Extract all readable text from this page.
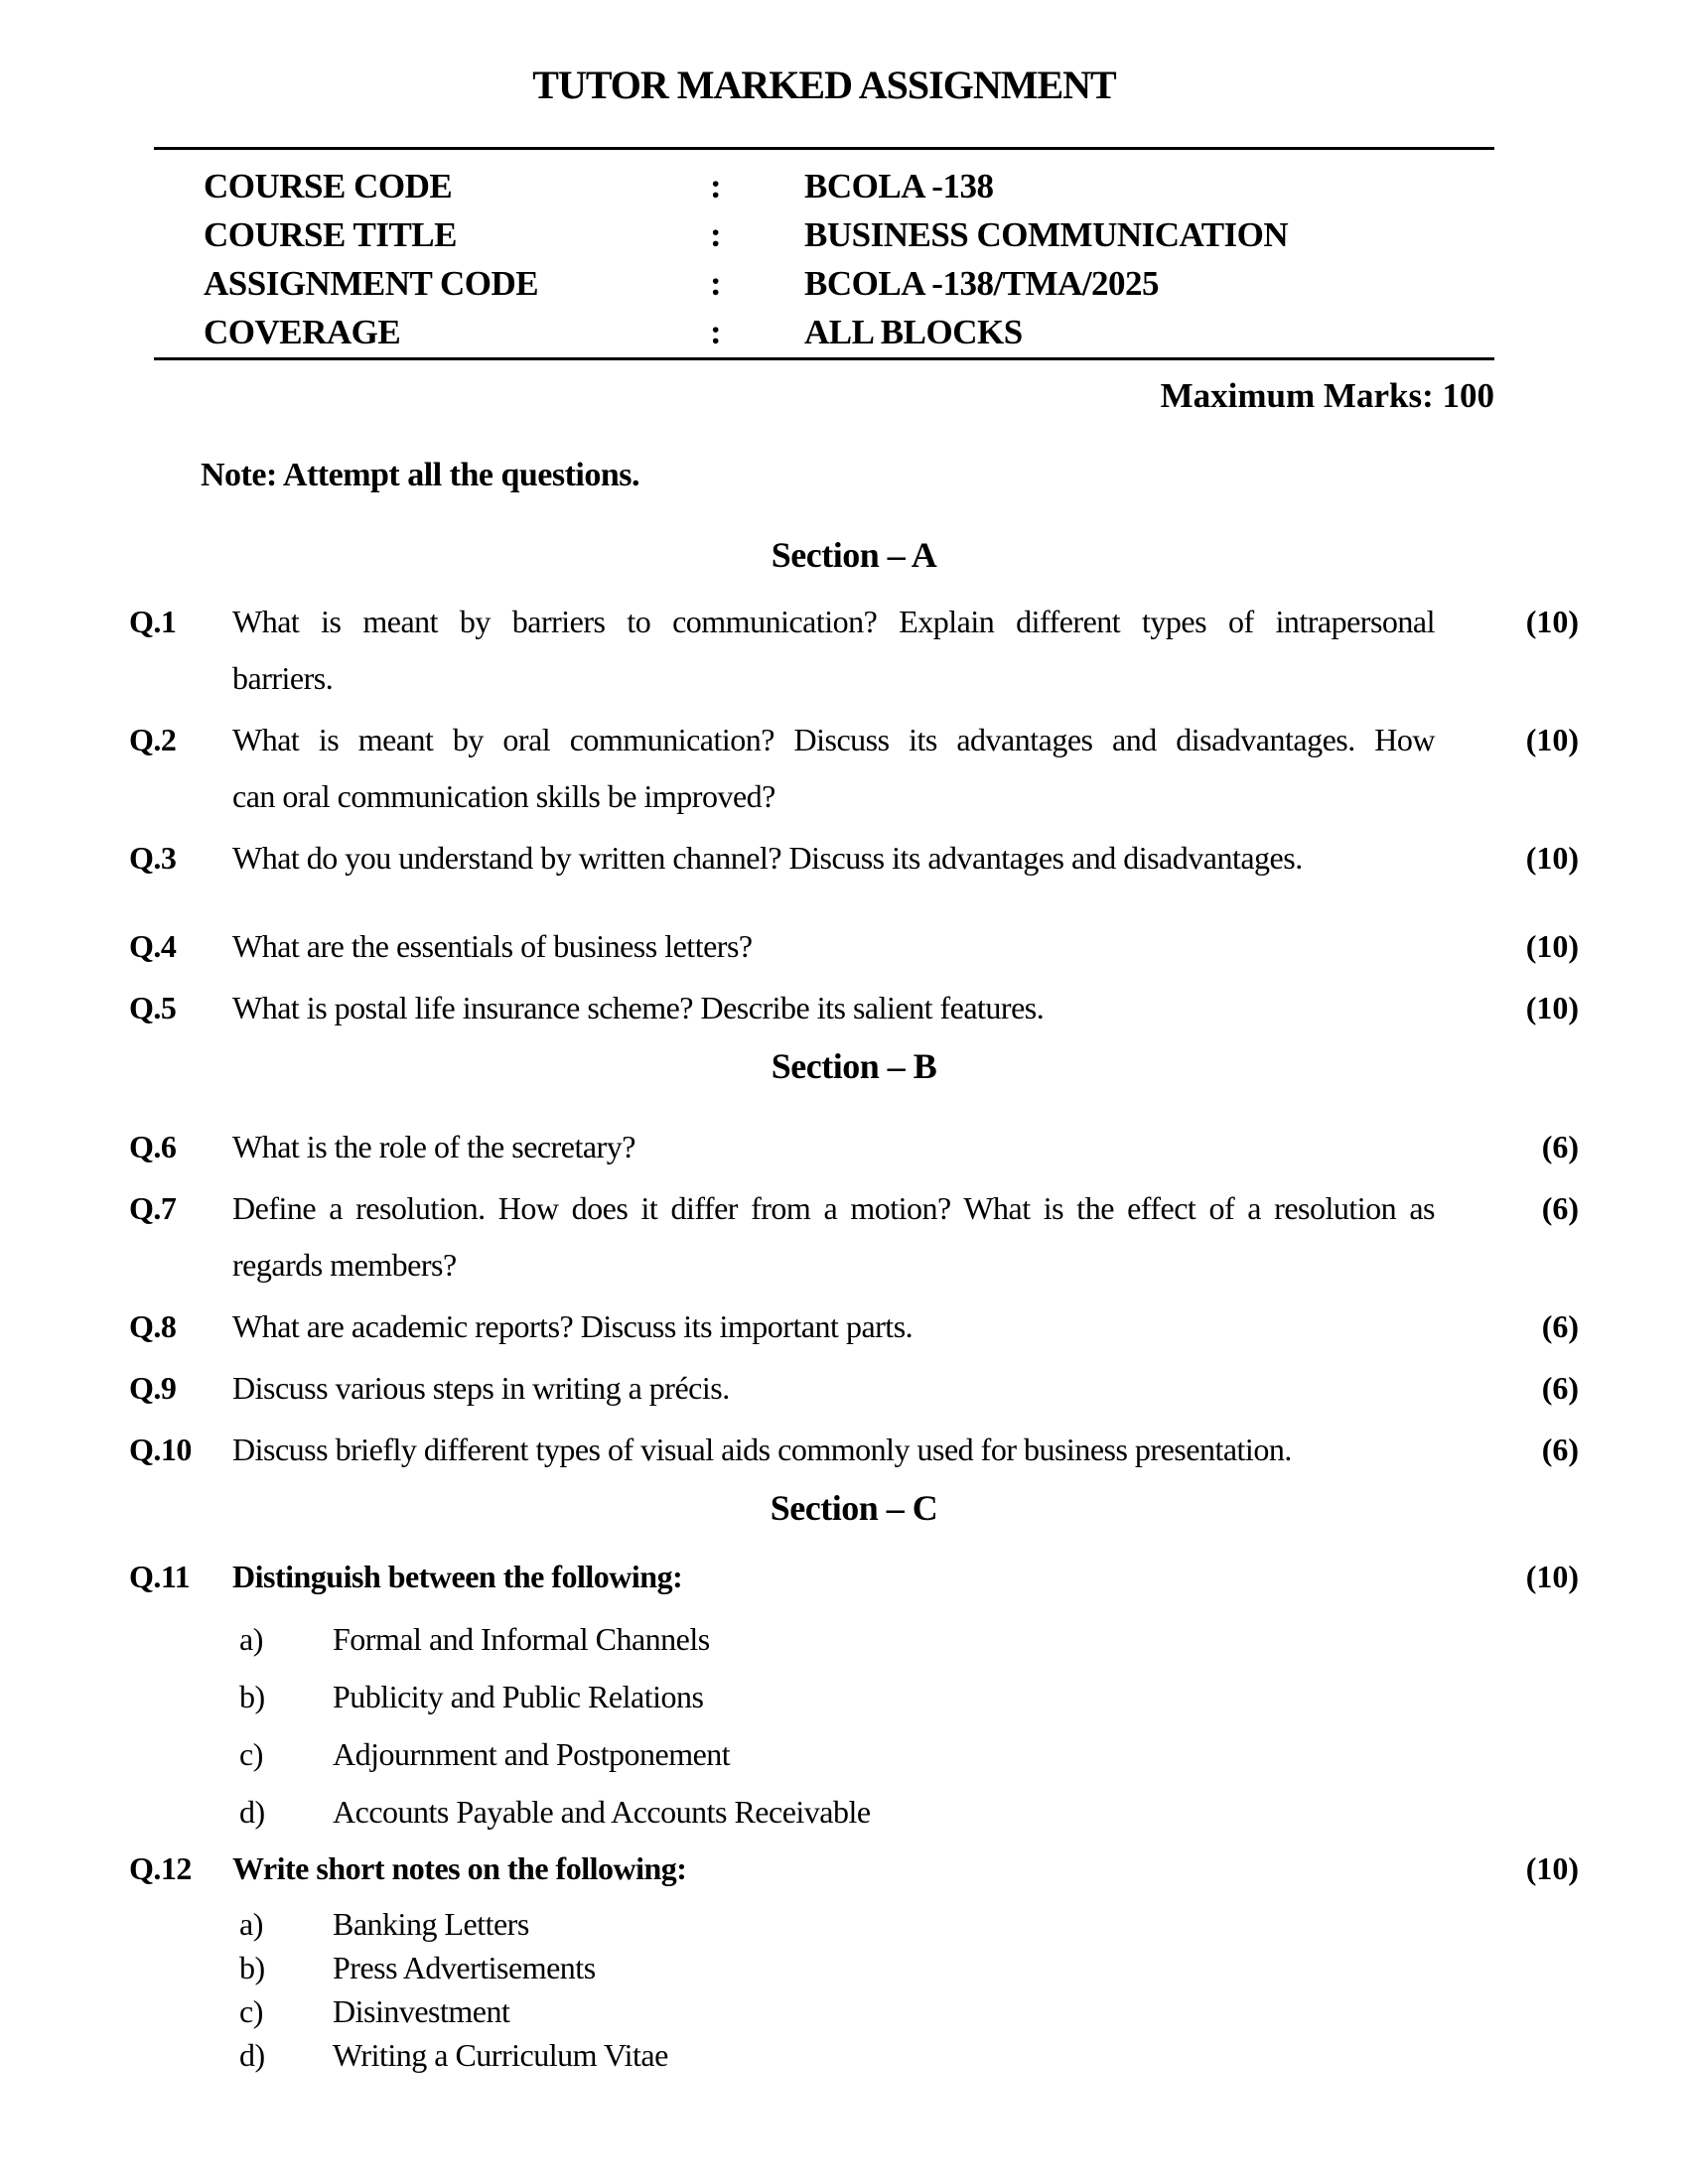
TUTOR MARKED ASSIGNMENT
COURSE CODE	:	BCOLA -138
COURSE TITLE	:	BUSINESS COMMUNICATION
ASSIGNMENT CODE	:	BCOLA -138/TMA/2025
COVERAGE	:	ALL BLOCKS
Maximum Marks: 100
Note: Attempt all the questions.
Section – A
Q.1	What is meant by barriers to communication? Explain different types of intrapersonal
barriers.
(10)
Q.2	What is meant by oral communication? Discuss its advantages and disadvantages. How
can oral communication skills be improved?
(10)
Q.3	What do you understand by written channel? Discuss its advantages and disadvantages.	(10)
Q.4	What are the essentials of business letters?	(10)
Q.5	What is postal life insurance scheme? Describe its salient features.	(10)
Section – B
Q.6	What is the role of the secretary?	(6)
Q.7	Define a resolution. How does it differ from a motion? What is the effect of a resolution as
regards members?
(6)
Q.8	What are academic reports? Discuss its important parts.	(6)
Q.9	Discuss various steps in writing a précis.	(6)
Q.10	Discuss briefly different types of visual aids commonly used for business presentation.	(6)
Section – C
Q.11	Distinguish between the following:	(10)
a)	Formal and Informal Channels
b)	Publicity and Public Relations
c)	Adjournment and Postponement
d)	Accounts Payable and Accounts Receivable
Q.12	Write short notes on the following:	(10)
a)	Banking Letters
b)	Press Advertisements
c)	Disinvestment
d)	Writing a Curriculum Vitae
